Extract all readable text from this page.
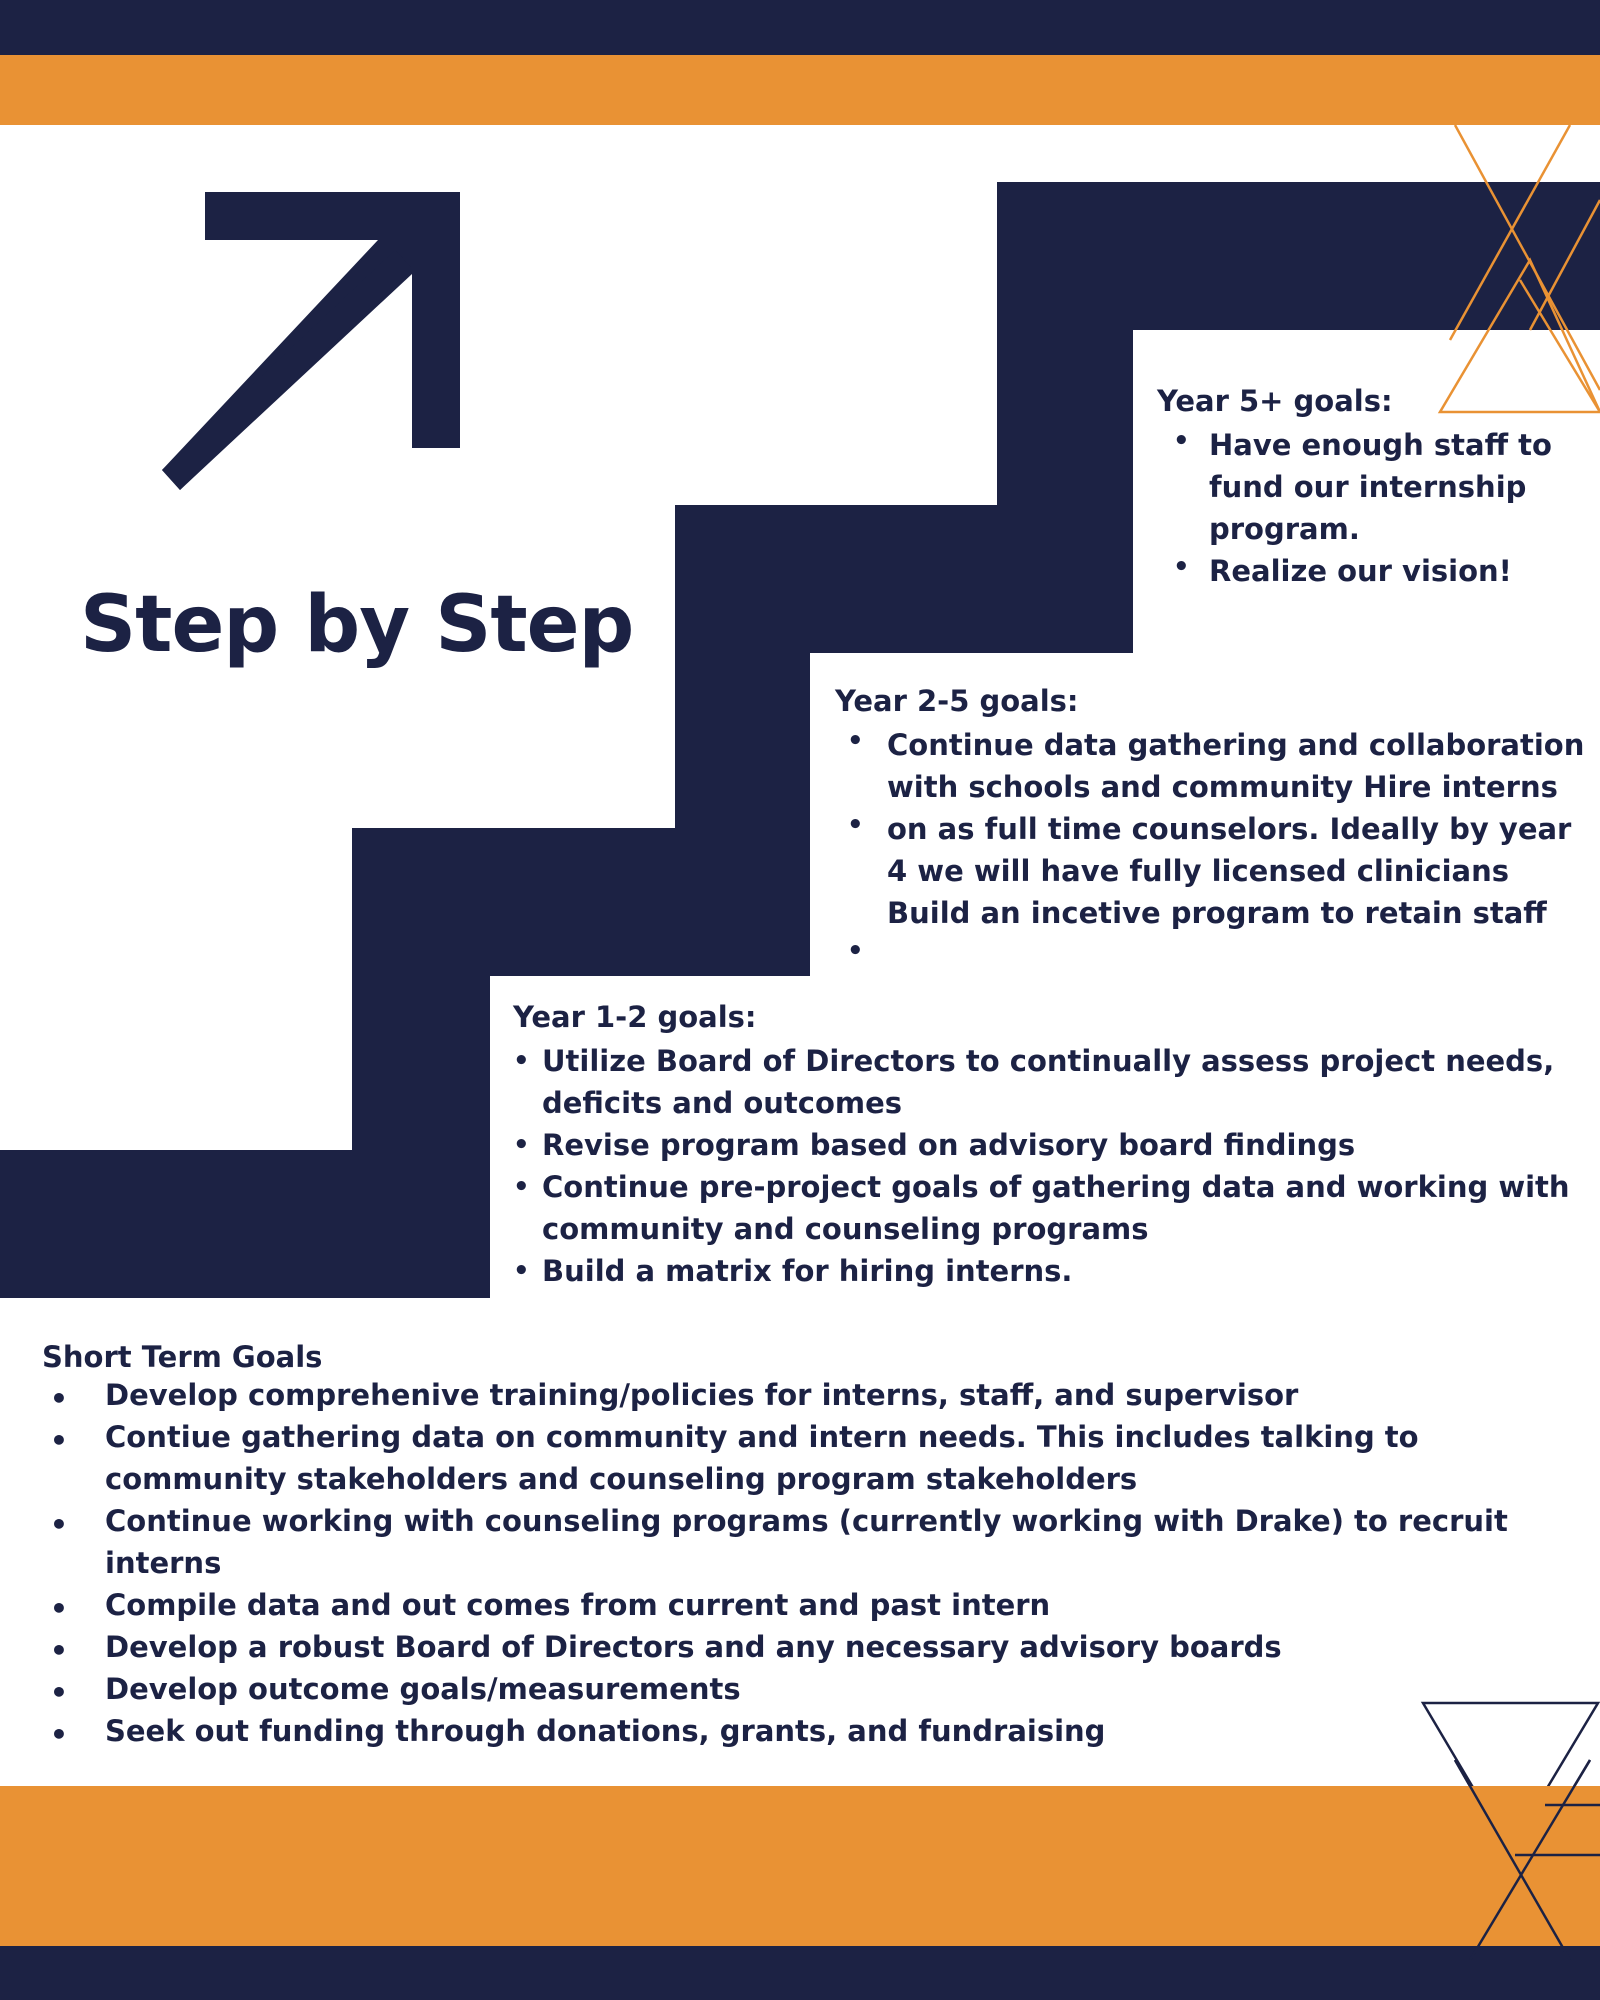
Step by Step
Year 5+ goals:
• Have enough staff to fund our internship program.
• Realize our vision!
Year 2-5 goals:
• Continue data gathering and collaboration with schools and community Hire interns
• on as full time counselors. Ideally by year 4 we will have fully licensed clinicians Build an incetive program to retain staff
•
Year 1-2 goals:
• Utilize Board of Directors to continually assess project needs, deficits and outcomes
• Revise program based on advisory board findings
• Continue pre-project goals of gathering data and working with community and counseling programs
• Build a matrix for hiring interns.
Short Term Goals
• Develop comprehenive training/policies for interns, staff, and supervisor
• Contiue gathering data on community and intern needs. This includes talking to community stakeholders and counseling program stakeholders
• Continue working with counseling programs (currently working with Drake) to recruit interns
• Compile data and out comes from current and past intern
• Develop a robust Board of Directors and any necessary advisory boards
• Develop outcome goals/measurements
• Seek out funding through donations, grants, and fundraising
